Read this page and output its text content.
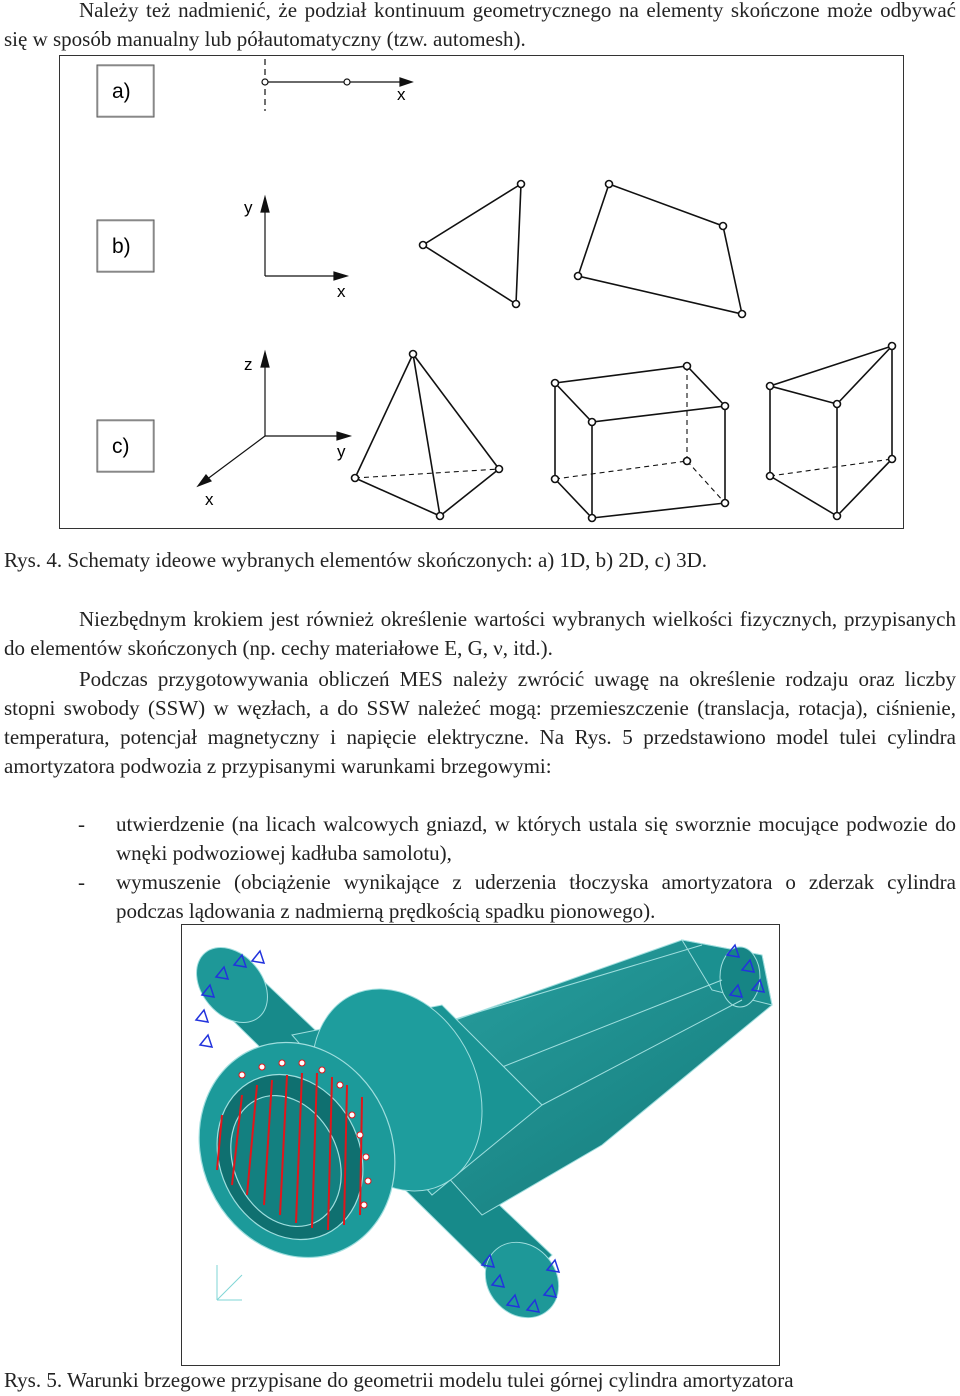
Należy też nadmienić, że podział kontinuum geometrycznego na elementy skończone może odbywać się w sposób manualny lub półautomatyczny (tzw. automesh).

a)
b)
c)
x
y
x
z
y
x

Rys. 4. Schematy ideowe wybranych elementów skończonych: a) 1D, b) 2D, c) 3D.

Niezbędnym krokiem jest również określenie wartości wybranych wielkości fizycznych, przypisanych do elementów skończonych (np. cechy materiałowe E, G, ν, itd.).

Podczas przygotowywania obliczeń MES należy zwrócić uwagę na określenie rodzaju oraz liczby stopni swobody (SSW) w węzłach, a do SSW należeć mogą: przemieszczenie (translacja, rotacja), ciśnienie, temperatura, potencjał magnetyczny i napięcie elektryczne. Na Rys. 5 przedstawiono model tulei cylindra amortyzatora podwozia z przypisanymi warunkami brzegowymi:

- utwierdzenie (na licach walcowych gniazd, w których ustala się sworznie mocujące podwozie do wnęki podwoziowej kadłuba samolotu),
- wymuszenie (obciążenie wynikające z uderzenia tłoczyska amortyzatora o zderzak cylindra podczas lądowania z nadmierną prędkością spadku pionowego).

Rys. 5. Warunki brzegowe przypisane do geometrii modelu tulei górnej cylindra amortyzatora
